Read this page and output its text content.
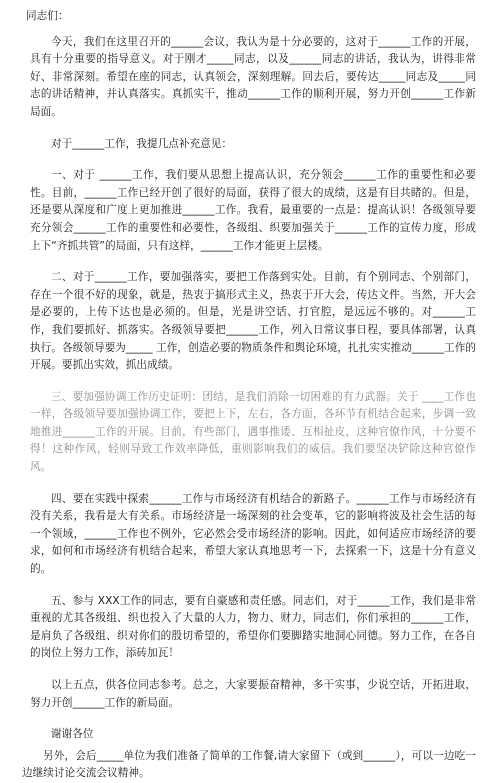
同志们：

今天，我们在这里召开的______会议，我认为是十分必要的，这对于______工作的开展，具有十分重要的指导意义。对于刚才_____同志，以及______同志的讲话，我认为，讲得非常好、非常深刻。希望在座的同志，认真领会，深刻理解。回去后，要传达_____同志及_____同志的讲话精神，并认真落实。真抓实干，推动______工作的顺利开展，努力开创______工作新局面。

对于______工作，我提几点补充意见：

一、对于 ______工作，我们要从思想上提高认识，充分领会______工作的重要性和必要性。目前，______工作已经开创了很好的局面，获得了很大的成绩，这是有目共睹的。但是，还是要从深度和广度上更加推进______工作。我看，最重要的一点是：提高认识！各级领导要充分领会______工作的重要性和必要性，各级组、织要加强关于______工作的宣传力度，形成上下“齐抓共管”的局面，只有这样，______工作才能更上层楼。

二、对于______工作，要加强落实，要把工作落到实处。目前，有个别同志、个别部门，存在一个很不好的现象，就是，热衷于搞形式主义，热衷于开大会，传达文件。当然，开大会是必要的，上传下达也是必须的。但是，光是讲空话、打官腔，是远远不够的。对______工作，我们要抓好、抓落实。各级领导要把______工作，列入日常议事日程，要具体部署，认真执行。各级领导要为_____ 工作，创造必要的物质条件和舆论环境，扎扎实实推动______工作的开展。要抓出实效，抓出成绩。

三、要加强协调工作历史证明：团结，是我们消除一切困难的有力武器。关于 ____工作也一样，各级领导要加强协调工作，要把上下，左右，各方面，各环节有机结合起来，步调一致地推进______工作的开展。目前，有些部门，遇事推诿、互相扯皮，这种官僚作风，十分要不得！这种作风，轻则导致工作效率降低，重则影响我们的威信。我们要坚决铲除这种官僚作风。

四、要在实践中探索______工作与市场经济有机结合的新路子。______工作与市场经济有没有关系，我看是大有关系。市场经济是一场深刻的社会变革，它的影响将波及社会生活的每一个领域，______工作也不例外，它必然会受市场经济的影响。因此，如何适应市场经济的要求，如何和市场经济有机结合起来，希望大家认真地思考一下，去探索一下，这是十分有意义的。

五、参与 XXX工作的同志，要有自豪感和责任感。同志们，对于______工作，我们是非常重视的尤其各级组、织也投入了大量的人力，物力、财力，同志们，你们承担的______工作，是肩负了各级组、织对你们的殷切希望的，希望你们要脚踏实地洞心同德。努力工作，在各自的岗位上努力工作，添砖加瓦！

以上五点，供各位同志参考。总之，大家要振奋精神，多干实事，少说空话，开拓进取，努力开创______工作的新局面。

谢谢各位

另外，会后_____单位为我们准备了简单的工作餐,请大家留下（或到______），可以一边吃一边继续讨论交流会议精神。
